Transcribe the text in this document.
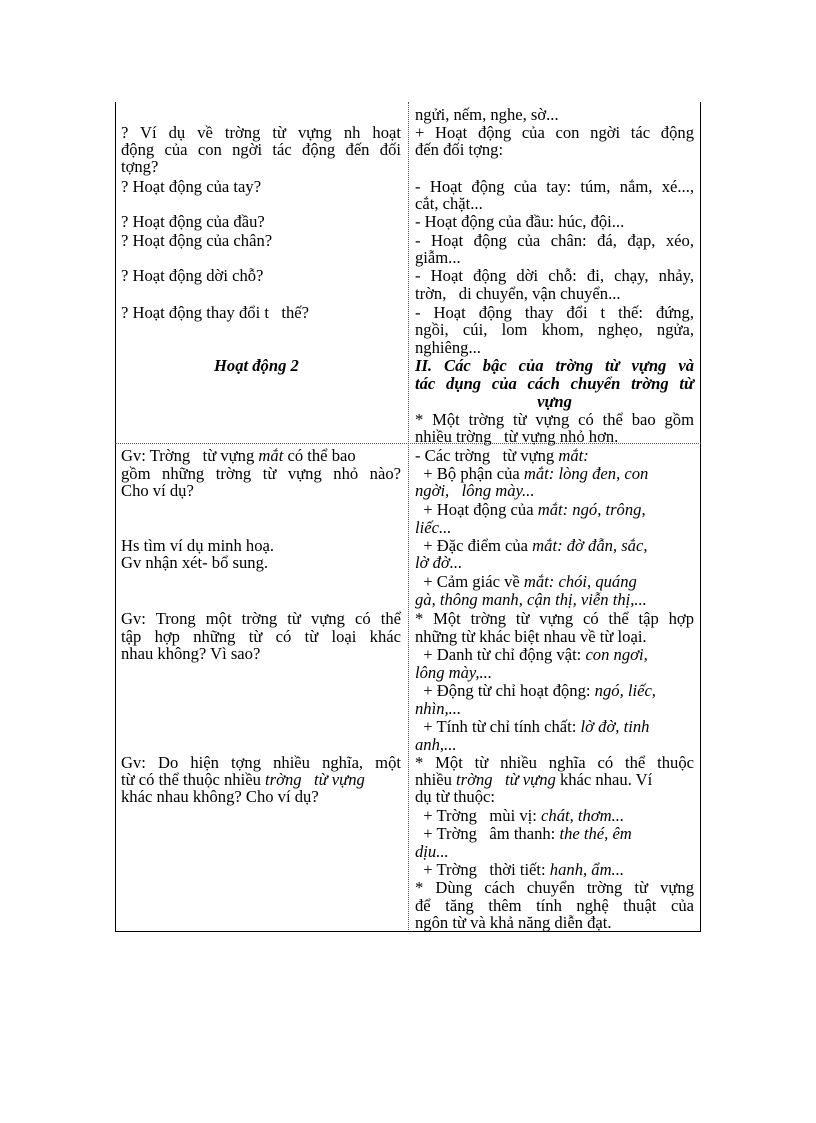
? Ví dụ về trờng từ vựng nh hoạt
động của con ngời tác động đến đối
tợng?
? Hoạt động của tay?
? Hoạt động của đầu?
? Hoạt động của chân?
? Hoạt động dời chỗ?
? Hoạt động thay đổi t   thế?
Hoạt động 2
Gv: Trờng   từ vựng mắt có thể bao
gồm những trờng từ vựng nhỏ nào?
Cho ví dụ?
Hs tìm ví dụ minh hoạ.
Gv nhận xét- bổ sung.
Gv: Trong một trờng từ vựng có thể
tập hợp những từ có từ loại khác
nhau không? Vì sao?
Gv: Do hiện tợng nhiều nghĩa, một
từ có thể thuộc nhiều trờng   từ vựng
khác nhau không? Cho ví dụ?
ngửi, nếm, nghe, sờ...
+ Hoạt động của con ngời tác động
đến đối tợng:
- Hoạt động của tay: túm, nắm, xé...,
cắt, chặt...
- Hoạt động của đầu: húc, đội...
- Hoạt động của chân: đá, đạp, xéo,
giẫm...
- Hoạt động dời chỗ: đi, chạy, nhảy,
trờn,   di chuyển, vận chuyển...
- Hoạt động thay đổi t thế: đứng,
ngồi, cúi, lom khom, nghẹo, ngửa,
nghiêng...
II. Các bậc của trờng từ vựng và
tác dụng của cách chuyển trờng từ
vựng
* Một trờng từ vựng có thể bao gồm
nhiều trờng   từ vựng nhỏ hơn.
- Các trờng   từ vựng mắt:
+ Bộ phận của mắt: lòng đen, con
ngời,   lông mày...
+ Hoạt động của mắt: ngó, trông,
liếc...
+ Đặc điểm của mắt: đờ đẫn, sắc,
lờ đờ...
+ Cảm giác về mắt: chói, quáng
gà, thông manh, cận thị, viễn thị,...
* Một trờng từ vựng có thể tập hợp
những từ khác biệt nhau về từ loại.
+ Danh từ chỉ động vật: con ngơi,
lông mày,...
+ Động từ chỉ hoạt động: ngó, liếc,
nhìn,...
+ Tính từ chỉ tính chất: lờ đờ, tinh
anh,...
* Một từ nhiều nghĩa có thể thuộc
nhiều trờng   từ vựng khác nhau. Ví
dụ từ thuộc:
+ Trờng   mùi vị: chát, thơm...
+ Trờng   âm thanh: the thé, êm
dịu...
+ Trờng   thời tiết: hanh, ẩm...
* Dùng cách chuyển trờng từ vựng
để tăng thêm tính nghệ thuật của
ngôn từ và khả năng diễn đạt.
